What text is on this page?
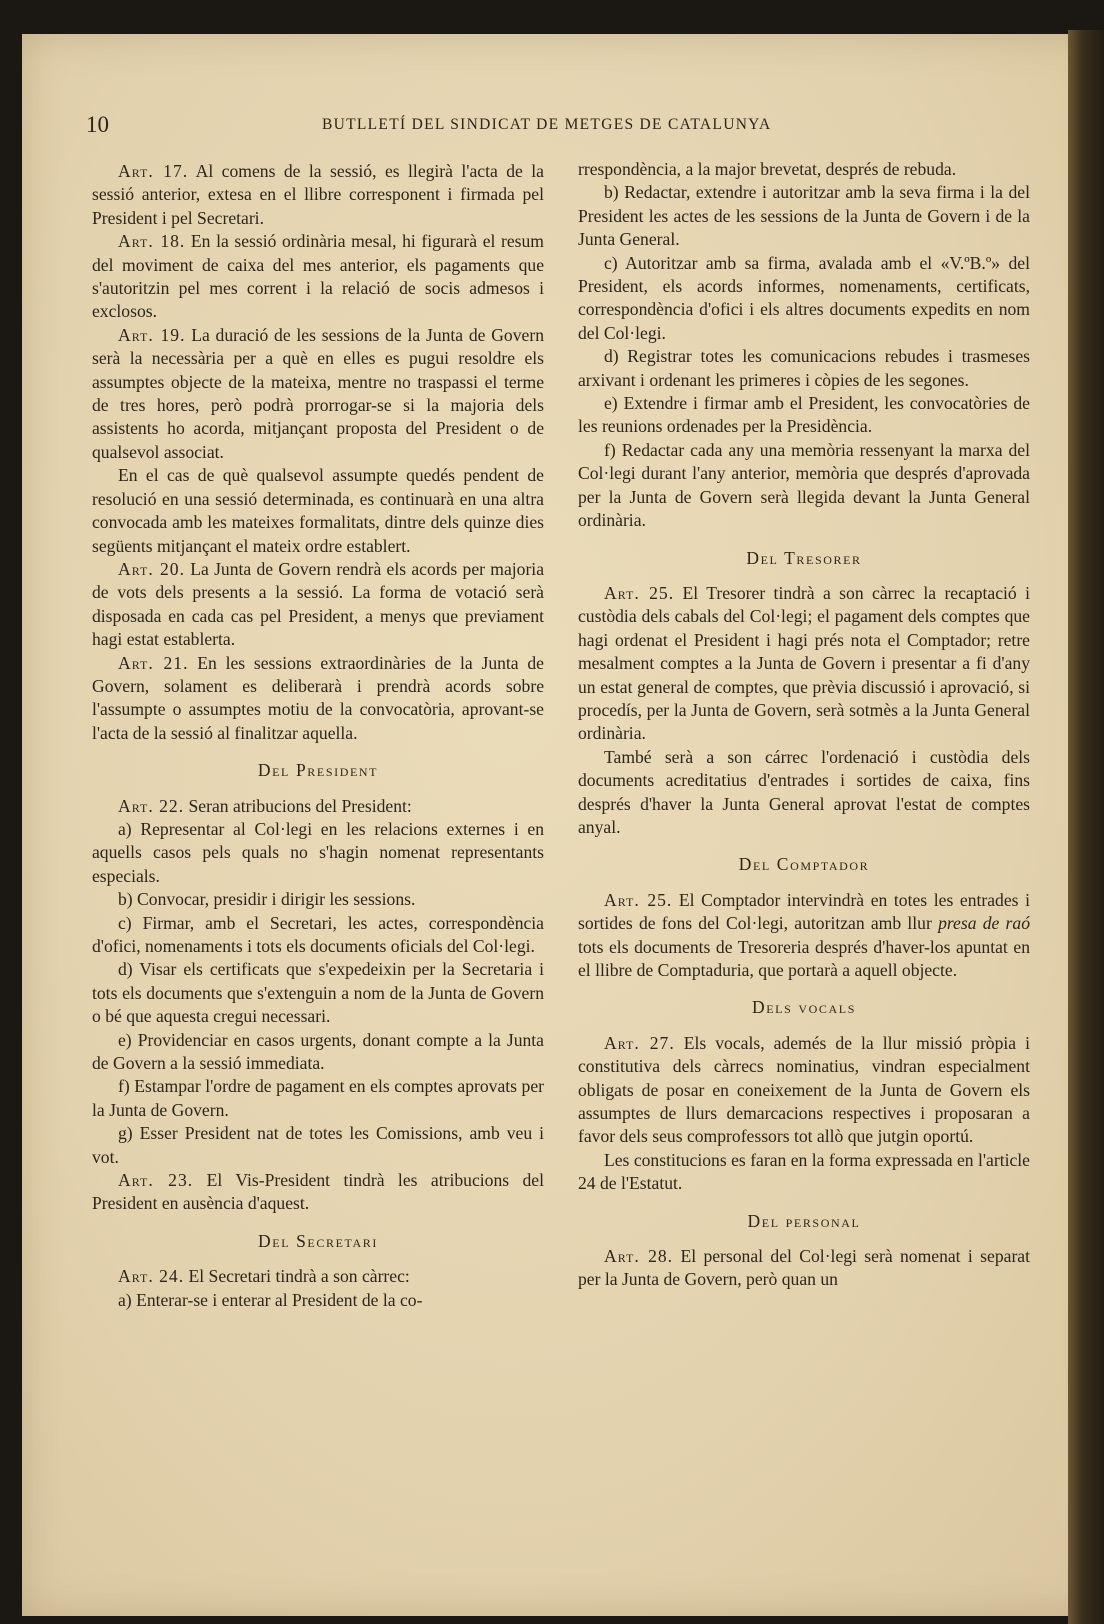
10	BUTLLETÍ DEL SINDICAT DE METGES DE CATALUNYA

Art. 17. Al comens de la sessió, es llegirà l'acta de la sessió anterior, extesa en el llibre corresponent i firmada pel President i pel Secretari.

Art. 18. En la sessió ordinària mesal, hi figurarà el resum del moviment de caixa del mes anterior, els pagaments que s'autoritzin pel mes corrent i la relació de socis admesos i exclosos.

Art. 19. La duració de les sessions de la Junta de Govern serà la necessària per a què en elles es pugui resoldre els assumptes objecte de la mateixa, mentre no traspassi el terme de tres hores, però podrà prorrogar-se si la majoria dels assistents ho acorda, mitjançant proposta del President o de qualsevol associat.

En el cas de què qualsevol assumpte quedés pendent de resolució en una sessió determinada, es continuarà en una altra convocada amb les mateixes formalitats, dintre dels quinze dies següents mitjançant el mateix ordre establert.

Art. 20. La Junta de Govern rendrà els acords per majoria de vots dels presents a la sessió. La forma de votació serà disposada en cada cas pel President, a menys que previament hagi estat establerta.

Art. 21. En les sessions extraordinàries de la Junta de Govern, solament es deliberarà i prendrà acords sobre l'assumpte o assumptes motiu de la convocatòria, aprovant-se l'acta de la sessió al finalitzar aquella.

Del President

Art. 22. Seran atribucions del President:

a) Representar al Col·legi en les relacions externes i en aquells casos pels quals no s'hagin nomenat representants especials.

b) Convocar, presidir i dirigir les sessions.

c) Firmar, amb el Secretari, les actes, correspondència d'ofici, nomenaments i tots els documents oficials del Col·legi.

d) Visar els certificats que s'expedeixin per la Secretaria i tots els documents que s'extenguin a nom de la Junta de Govern o bé que aquesta cregui necessari.

e) Providenciar en casos urgents, donant compte a la Junta de Govern a la sessió immediata.

f) Estampar l'ordre de pagament en els comptes aprovats per la Junta de Govern.

g) Esser President nat de totes les Comissions, amb veu i vot.

Art. 23. El Vis-President tindrà les atribucions del President en ausència d'aquest.

Del Secretari

Art. 24. El Secretari tindrà a son càrrec:

a) Enterar-se i enterar al President de la co-

rrespondència, a la major brevetat, després de rebuda.

b) Redactar, extendre i autoritzar amb la seva firma i la del President les actes de les sessions de la Junta de Govern i de la Junta General.

c) Autoritzar amb sa firma, avalada amb el «V.ºB.º» del President, els acords informes, nomenaments, certificats, correspondència d'ofici i els altres documents expedits en nom del Col·legi.

d) Registrar totes les comunicacions rebudes i trasmeses arxivant i ordenant les primeres i còpies de les segones.

e) Extendre i firmar amb el President, les convocatòries de les reunions ordenades per la Presidència.

f) Redactar cada any una memòria ressenyant la marxa del Col·legi durant l'any anterior, memòria que després d'aprovada per la Junta de Govern serà llegida devant la Junta General ordinària.

Del Tresorer

Art. 25. El Tresorer tindrà a son càrrec la recaptació i custòdia dels cabals del Col·legi; el pagament dels comptes que hagi ordenat el President i hagi prés nota el Comptador; retre mesalment comptes a la Junta de Govern i presentar a fi d'any un estat general de comptes, que prèvia discussió i aprovació, si procedís, per la Junta de Govern, serà sotmès a la Junta General ordinària.

També serà a son cárrec l'ordenació i custòdia dels documents acreditatius d'entrades i sortides de caixa, fins després d'haver la Junta General aprovat l'estat de comptes anyal.

Del Comptador

Art. 25. El Comptador intervindrà en totes les entrades i sortides de fons del Col·legi, autoritzan amb llur presa de raó tots els documents de Tresoreria després d'haver-los apuntat en el llibre de Comptaduria, que portarà a aquell objecte.

Dels vocals

Art. 27. Els vocals, ademés de la llur missió pròpia i constitutiva dels càrrecs nominatius, vindran especialment obligats de posar en coneixement de la Junta de Govern els assumptes de llurs demarcacions respectives i proposaran a favor dels seus comprofessors tot allò que jutgin oportú.

Les constitucions es faran en la forma expressada en l'article 24 de l'Estatut.

Del personal

Art. 28. El personal del Col·legi serà nomenat i separat per la Junta de Govern, però quan un
